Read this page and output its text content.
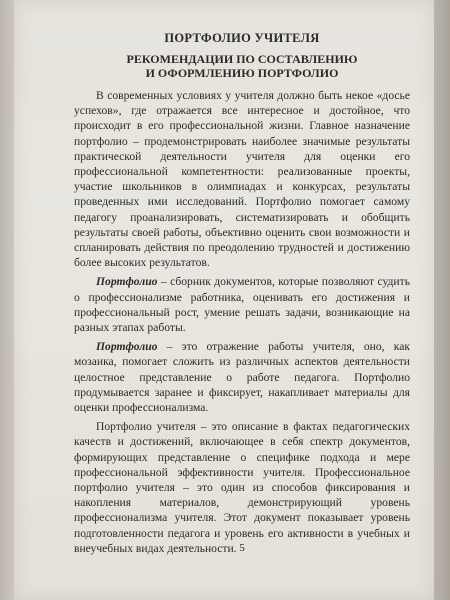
ПОРТФОЛИО УЧИТЕЛЯ
РЕКОМЕНДАЦИИ ПО СОСТАВЛЕНИЮ
И ОФОРМЛЕНИЮ ПОРТФОЛИО

В современных условиях у учителя должно быть некое «досье успехов», где отражается все интересное и достойное, что происходит в его профессиональной жизни. Главное назначение портфолио – продемонстрировать наиболее значимые результаты практической деятельности учителя для оценки его профессиональной компетентности: реализованные проекты, участие школьников в олимпиадах и конкурсах, результаты проведенных ими исследований. Портфолио помогает самому педагогу проанализировать, систематизировать и обобщить результаты своей работы, объективно оценить свои возможности и спланировать действия по преодолению трудностей и достижению более высоких результатов.

Портфолио – сборник документов, которые позволяют судить о профессионализме работника, оценивать его достижения и профессиональный рост, умение решать задачи, возникающие на разных этапах работы.

Портфолио – это отражение работы учителя, оно, как мозаика, помогает сложить из различных аспектов деятельности целостное представление о работе педагога. Портфолио продумывается заранее и фиксирует, накапливает материалы для оценки профессионализма.

Портфолио учителя – это описание в фактах педагогических качеств и достижений, включающее в себя спектр документов, формирующих представление о специфике подхода и мере профессиональной эффективности учителя. Профессиональное портфолио учителя – это один из способов фиксирования и накопления материалов, демонстрирующий уровень профессионализма учителя. Этот документ показывает уровень подготовленности педагога и уровень его активности в учебных и внеучебных видах деятельности. 5
